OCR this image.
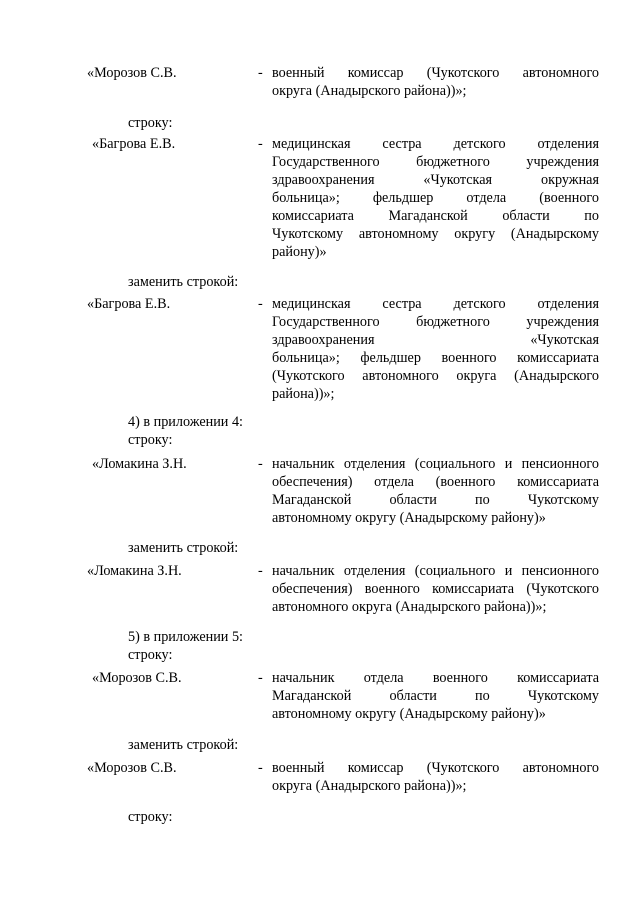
«Морозов С.В.	- военный комиссар (Чукотского автономного
округа (Анадырского района))»;
строку:
«Багрова Е.В.	- медицинская сестра детского отделения
Государственного бюджетного учреждения
здравоохранения «Чукотская окружная
больница»; фельдшер отдела (военного
комиссариата Магаданской области по
Чукотскому автономному округу (Анадырскому
району)»
заменить строкой:
«Багрова Е.В.	- медицинская сестра детского отделения
Государственного бюджетного учреждения
здравоохранения «Чукотская
больница»; фельдшер военного комиссариата
(Чукотского автономного округа (Анадырского
района))»;
4) в приложении 4:
строку:
«Ломакина З.Н.	- начальник отделения (социального и пенсионного
обеспечения) отдела (военного комиссариата
Магаданской области по Чукотскому
автономному округу (Анадырскому району)»
заменить строкой:
«Ломакина З.Н.	- начальник отделения (социального и пенсионного
обеспечения) военного комиссариата (Чукотского
автономного округа (Анадырского района))»;
5) в приложении 5:
строку:
«Морозов С.В.	- начальник отдела военного комиссариата
Магаданской области по Чукотскому
автономному округу (Анадырскому району)»
заменить строкой:
«Морозов С.В.	- военный комиссар (Чукотского автономного
округа (Анадырского района))»;
строку:
